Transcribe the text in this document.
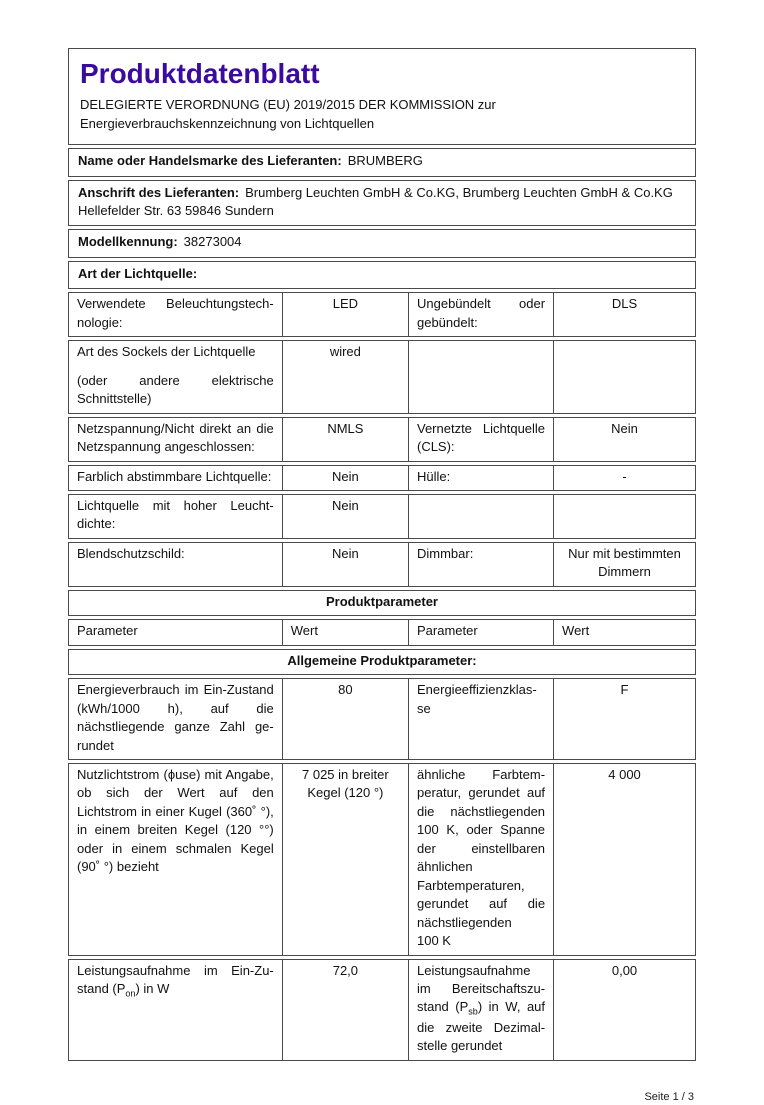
Produktdatenblatt

DELEGIERTE VERORDNUNG (EU) 2019/2015 DER KOMMISSION zur Energieverbrauchskennzeichnung von Lichtquellen			

Name oder Handelsmarke des Lieferanten: BRUMBERG			
Anschrift des Lieferanten: Brumberg Leuchten GmbH & Co.KG, Brumberg Leuchten GmbH & Co.KG Hellefelder Str. 63 59846 Sundern			
Modellkennung: 38273004			
Art der Lichtquelle:			

Verwendete Beleuchtungstechnologie:	LED	Ungebündelt oder gebündelt:	DLS

Art des Sockels der Lichtquelle

(oder andere elektrische Schnittstelle)	wired		

Netzspannung/Nicht direkt an die Netzspannung angeschlossen:	NMLS	Vernetzte Lichtquelle (CLS):	Nein

Farblich abstimmbare Lichtquelle:	Nein	Hülle:	-

Lichtquelle mit hoher Leuchtdichte:	Nein		

Blendschutzschild:	Nein	Dimmbar:	Nur mit bestimmten Dimmern
Produktparameter			
Parameter	Wert	Parameter	Wert
Allgemeine Produktparameter:			

Energieverbrauch im Ein-Zustand (kWh/1000 h), auf die nächstliegende ganze Zahl gerundet	80	Energieeffizienzklasse	F

Nutzlichtstrom (ϕuse) mit Angabe, ob sich der Wert auf den Lichtstrom in einer Kugel (360˚ °), in einem breiten Kegel (120 °°) oder in einem schmalen Kegel (90˚ °) bezieht	7 025 in breiter Kegel (120 °)	ähnliche Farbtemperatur, gerundet auf die nächstliegenden 100 K, oder Spanne der einstellbaren ähnlichen Farbtemperaturen, gerundet auf die nächstliegenden 100 K	4 000

Leistungsaufnahme im Ein-Zustand $(P_{on})$ in W	72,0	Leistungsaufnahme im Bereitschaftszustand $(P_{sb})$ in W, auf die zweite Dezimalstelle gerundet	0,00
Seite 1 / 3
